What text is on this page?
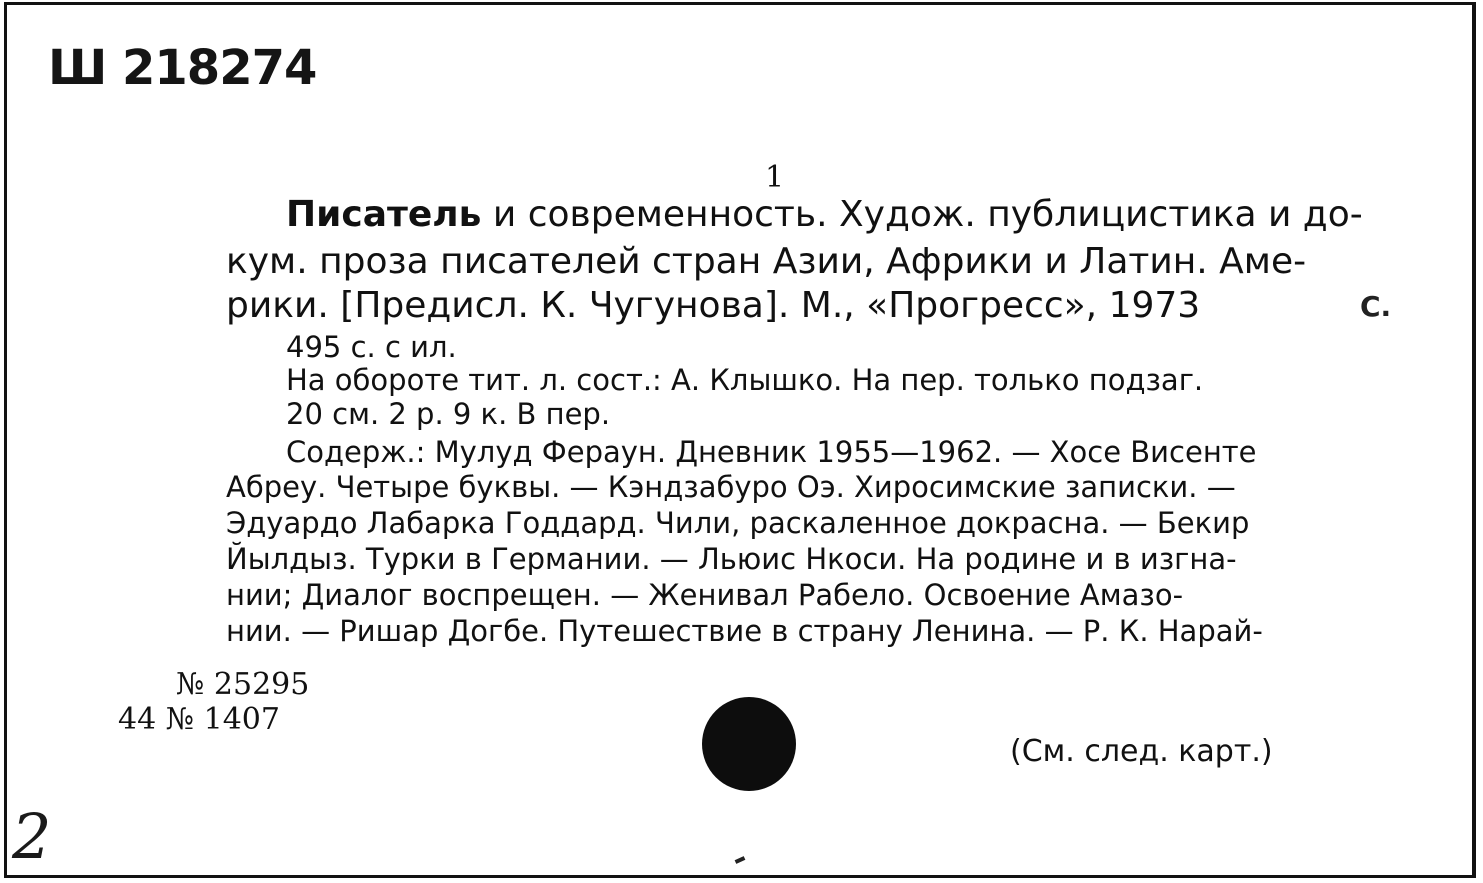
Ш 218274
1
Писатель и современность. Худож. публицистика и до-
кум. проза писателей стран Азии, Африки и Латин. Аме-
рики. [Предисл. К. Чугунова]. М., «Прогресс», 1973	C.
495 с. с ил.
На обороте тит. л. сост.: А. Клышко. На пер. только подзаг.
20 см. 2 р. 9 к. В пер.
Содерж.: Мулуд Фераун. Дневник 1955—1962. — Хосе Висенте
Абреу. Четыре буквы. — Кэндзабуро Оэ. Хиросимские записки. —
Эдуардо Лабарка Годдард. Чили, раскаленное докрасна. — Бекир
Йылдыз. Турки в Германии. — Льюис Нкоси. На родине и в изгна-
нии; Диалог воспрещен. — Женивал Рабело. Освоение Амазо-
нии. — Ришар Догбе. Путешествие в страну Ленина. — Р. К. Нарай-
№ 25295
44 № 1407
(См. след. карт.)
2
